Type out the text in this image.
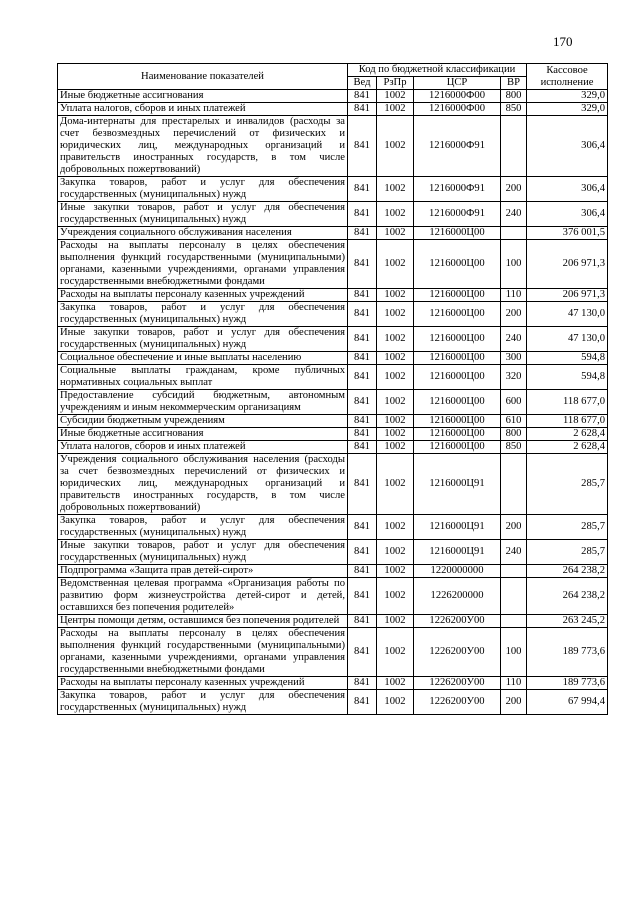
170
Наименование показателей	Код по бюджетной классификации				Кассовое исполнение
	Вед	РзПр	ЦСР	ВР	
Иные бюджетные ассигнования	841	1002	1216000Ф00	800	329,0
Уплата налогов, сборов и иных платежей	841	1002	1216000Ф00	850	329,0
Дома-интернаты для престарелых и инвалидов (расходы за счет безвозмездных перечислений от физических и юридических лиц, международных организаций и правительств иностранных государств, в том числе добровольных пожертвований)	841	1002	1216000Ф91		306,4
Закупка товаров, работ и услуг для обеспечения государственных (муниципальных) нужд	841	1002	1216000Ф91	200	306,4
Иные закупки товаров, работ и услуг для обеспечения государственных (муниципальных) нужд	841	1002	1216000Ф91	240	306,4
Учреждения социального обслуживания населения	841	1002	1216000Ц00		376 001,5
Расходы на выплаты персоналу в целях обеспечения выполнения функций государственными (муниципальными) органами, казенными учреждениями, органами управления государственными внебюджетными фондами	841	1002	1216000Ц00	100	206 971,3
Расходы на выплаты персоналу казенных учреждений	841	1002	1216000Ц00	110	206 971,3
Закупка товаров, работ и услуг для обеспечения государственных (муниципальных) нужд	841	1002	1216000Ц00	200	47 130,0
Иные закупки товаров, работ и услуг для обеспечения государственных (муниципальных) нужд	841	1002	1216000Ц00	240	47 130,0
Социальное обеспечение и иные выплаты населению	841	1002	1216000Ц00	300	594,8
Социальные выплаты гражданам, кроме публичных нормативных социальных выплат	841	1002	1216000Ц00	320	594,8
Предоставление субсидий бюджетным, автономным учреждениям и иным некоммерческим организациям	841	1002	1216000Ц00	600	118 677,0
Субсидии бюджетным учреждениям	841	1002	1216000Ц00	610	118 677,0
Иные бюджетные ассигнования	841	1002	1216000Ц00	800	2 628,4
Уплата налогов, сборов и иных платежей	841	1002	1216000Ц00	850	2 628,4
Учреждения социального обслуживания населения (расходы за счет безвозмездных перечислений от физических и юридических лиц, международных организаций и правительств иностранных государств, в том числе добровольных пожертвований)	841	1002	1216000Ц91		285,7
Закупка товаров, работ и услуг для обеспечения государственных (муниципальных) нужд	841	1002	1216000Ц91	200	285,7
Иные закупки товаров, работ и услуг для обеспечения государственных (муниципальных) нужд	841	1002	1216000Ц91	240	285,7
Подпрограмма «Защита прав детей-сирот»	841	1002	1220000000		264 238,2
Ведомственная целевая программа «Организация работы по развитию форм жизнеустройства детей-сирот и детей, оставшихся без попечения родителей»	841	1002	1226200000		264 238,2
Центры помощи детям, оставшимся без попечения родителей	841	1002	1226200У00		263 245,2
Расходы на выплаты персоналу в целях обеспечения выполнения функций государственными (муниципальными) органами, казенными учреждениями, органами управления государственными внебюджетными фондами	841	1002	1226200У00	100	189 773,6
Расходы на выплаты персоналу казенных учреждений	841	1002	1226200У00	110	189 773,6
Закупка товаров, работ и услуг для обеспечения государственных (муниципальных) нужд	841	1002	1226200У00	200	67 994,4
